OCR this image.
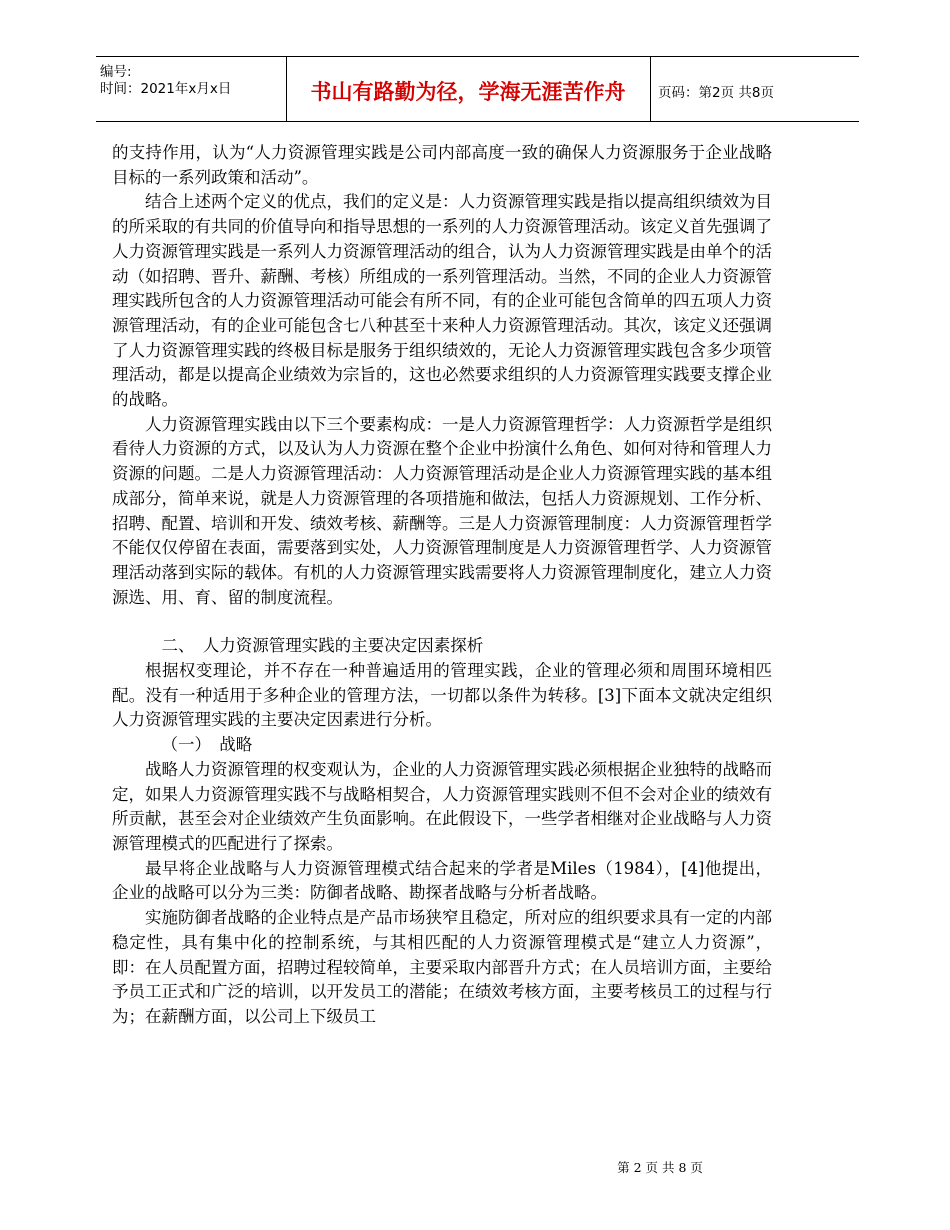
编号:
时间：2021年x月x日	书山有路勤为径，学海无涯苦作舟	页码：第2页 共8页

的支持作用，认为“人力资源管理实践是公司内部高度一致的确保人力资源服务于企业战略目标的一系列政策和活动”。

结合上述两个定义的优点，我们的定义是：人力资源管理实践是指以提高组织绩效为目的所采取的有共同的价值导向和指导思想的一系列的人力资源管理活动。该定义首先强调了人力资源管理实践是一系列人力资源管理活动的组合，认为人力资源管理实践是由单个的活动（如招聘、晋升、薪酬、考核）所组成的一系列管理活动。当然，不同的企业人力资源管理实践所包含的人力资源管理活动可能会有所不同，有的企业可能包含简单的四五项人力资源管理活动，有的企业可能包含七八种甚至十来种人力资源管理活动。其次，该定义还强调了人力资源管理实践的终极目标是服务于组织绩效的，无论人力资源管理实践包含多少项管理活动，都是以提高企业绩效为宗旨的，这也必然要求组织的人力资源管理实践要支撑企业的战略。

人力资源管理实践由以下三个要素构成：一是人力资源管理哲学：人力资源哲学是组织看待人力资源的方式，以及认为人力资源在整个企业中扮演什么角色、如何对待和管理人力资源的问题。二是人力资源管理活动：人力资源管理活动是企业人力资源管理实践的基本组成部分，简单来说，就是人力资源管理的各项措施和做法，包括人力资源规划、工作分析、招聘、配置、培训和开发、绩效考核、薪酬等。三是人力资源管理制度：人力资源管理哲学不能仅仅停留在表面，需要落到实处，人力资源管理制度是人力资源管理哲学、人力资源管理活动落到实际的载体。有机的人力资源管理实践需要将人力资源管理制度化，建立人力资源选、用、育、留的制度流程。

二、　人力资源管理实践的主要决定因素探析

根据权变理论，并不存在一种普遍适用的管理实践，企业的管理必须和周围环境相匹配。没有一种适用于多种企业的管理方法，一切都以条件为转移。[3]下面本文就决定组织人力资源管理实践的主要决定因素进行分析。

（一）　战略

战略人力资源管理的权变观认为，企业的人力资源管理实践必须根据企业独特的战略而定，如果人力资源管理实践不与战略相契合，人力资源管理实践则不但不会对企业的绩效有所贡献，甚至会对企业绩效产生负面影响。在此假设下，一些学者相继对企业战略与人力资源管理模式的匹配进行了探索。

最早将企业战略与人力资源管理模式结合起来的学者是Miles（1984），[4]他提出，企业的战略可以分为三类：防御者战略、勘探者战略与分析者战略。

实施防御者战略的企业特点是产品市场狭窄且稳定，所对应的组织要求具有一定的内部稳定性，具有集中化的控制系统，与其相匹配的人力资源管理模式是“建立人力资源”，即：在人员配置方面，招聘过程较简单，主要采取内部晋升方式；在人员培训方面，主要给予员工正式和广泛的培训，以开发员工的潜能；在绩效考核方面，主要考核员工的过程与行为；在薪酬方面，以公司上下级员工

第 2 页 共 8 页
